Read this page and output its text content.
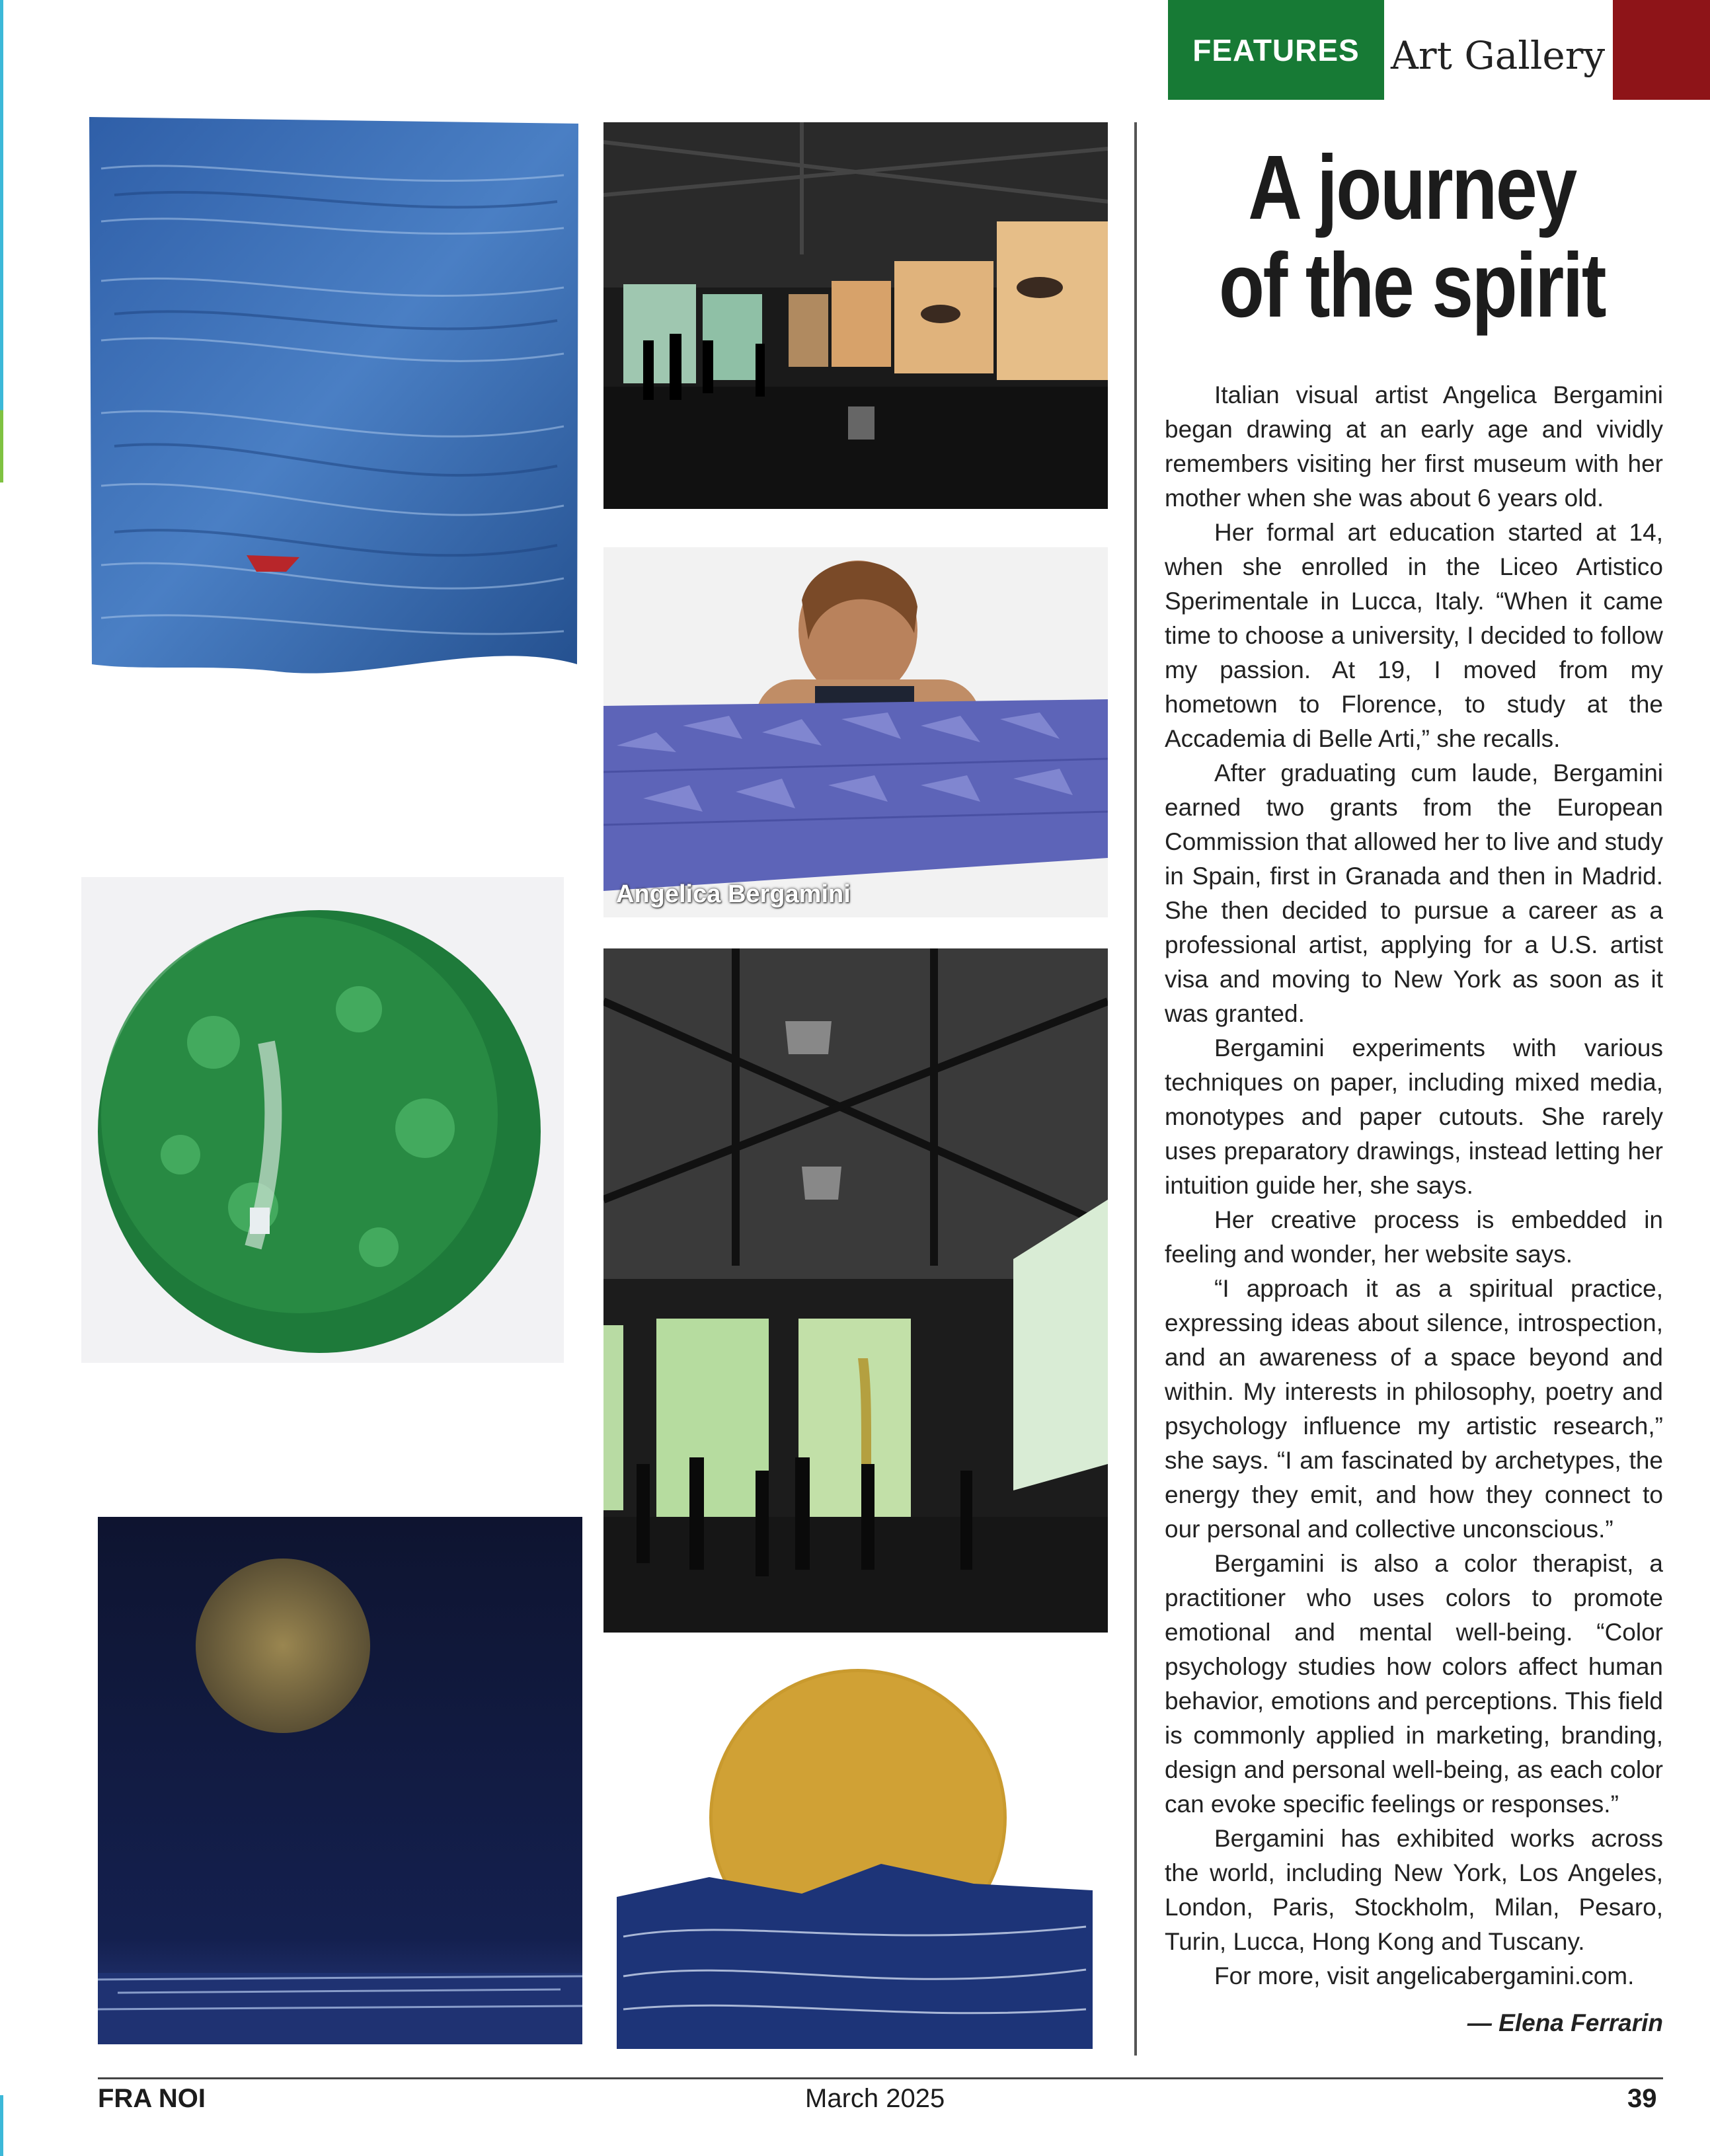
FEATURES Art Gallery
Angelica Bergamini
A journey
of the spirit

Italian visual artist Angelica Bergamini began drawing at an early age and vividly remembers visiting her first museum with her mother when she was about 6 years old.

Her formal art education started at 14, when she enrolled in the Liceo Artistico Sperimentale in Lucca, Italy. “When it came time to choose a university, I decided to follow my passion. At 19, I moved from my hometown to Florence, to study at the Accademia di Belle Arti,” she recalls.

After graduating cum laude, Bergamini earned two grants from the European Commission that allowed her to live and study in Spain, first in Granada and then in Madrid. She then decided to pursue a career as a professional artist, applying for a U.S. artist visa and moving to New York as soon as it was granted.

Bergamini experiments with various techniques on paper, including mixed media, monotypes and paper cutouts. She rarely uses preparatory drawings, instead letting her intuition guide her, she says.

Her creative process is embedded in feeling and wonder, her website says.

“I approach it as a spiritual practice, expressing ideas about silence, introspection, and an awareness of a space beyond and within. My interests in philosophy, poetry and psychology influence my artistic research,” she says. “I am fascinated by archetypes, the energy they emit, and how they connect to our personal and collective unconscious.”

Bergamini is also a color therapist, a practitioner who uses colors to promote emotional and mental well-being. “Color psychology studies how colors affect human behavior, emotions and perceptions. This field is commonly applied in marketing, branding, design and personal well-being, as each color can evoke specific feelings or responses.”

Bergamini has exhibited works across the world, including New York, Los Angeles, London, Paris, Stockholm, Milan, Pesaro, Turin, Lucca, Hong Kong and Tuscany.

For more, visit angelicabergamini.com.

— Elena Ferrarin
FRA NOI	March 2025	39
